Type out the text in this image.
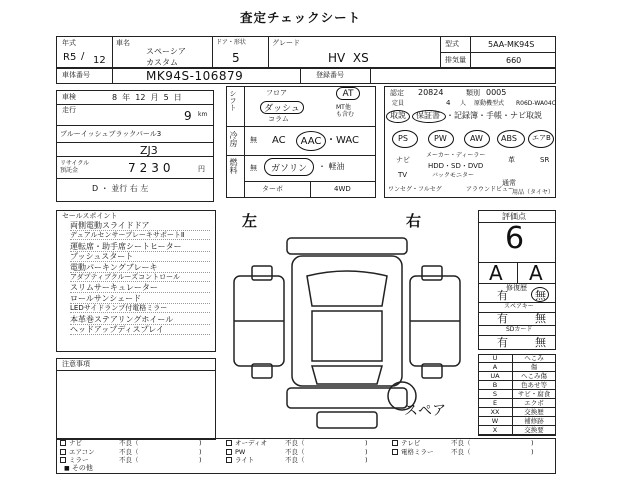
査定チェックシート
年式
R5 / 12
車名
スペーシア
カスタム
ドア・形状
5
グレード
HV  XS
型式	5AA-MK94S
排気量	660
車体番号	MK94S-106879	登録番号
車検	8  年  12  月  5  日
走行	9 km
ブルーイッシュブラックパール3
ZJ3
リサイクル
預託金	7230	円
D ・ 並行 右 左
シフト	フロア	AT
ダッシュ
コラム
MT他
も含む
冷房 無 AC	AAC ・WAC
燃料 無	ガソリン	・ 軽油
ターボ	4WD
認定 20824	類別 0005
定員	4 人 原動機型式 R06D-WA04C
取説 保証書 ・記録簿・手帳・ナビ取説
PS	PW	AW ABS エアB
ナビ
メーカー・ディーラー
HDD・SD・DVD
革	SR
TV	バックモニター
通常
ワンセグ・フルセグ	アラウンドビュー
用品（タイヤ）
セールスポイント
両側電動スライドドア
デュアルセンサーブレーキサポートⅡ
運転席・助手席シートヒーター
プッシュスタート
電動パーキングブレーキ
アダプティブクルーズコントロール
スリムサーキュレーター
ロールサンシェード
LEDサイドランプ付電格ミラー
本革巻ステアリングホイール
ヘッドアップディスプレイ
注意事項
左	右
スペア
評価点
6
A A
修復歴
有 無
スペアキー
有 無
SDカード
有 無
U	へこみ
A	傷
UA	へこみ傷
B	色あせ等
S	サビ・腐食
E	エクボ
XX	交換歴
W	補修跡
X	交換要
ナビ	不良（	)	オーディオ	不良（	)	テレビ	不良（	)
エアコン	不良（	)	PW	不良（	)	電格ミラー	不良（	)
ミラー	不良（	)	ライト	不良（	)
■ その他
